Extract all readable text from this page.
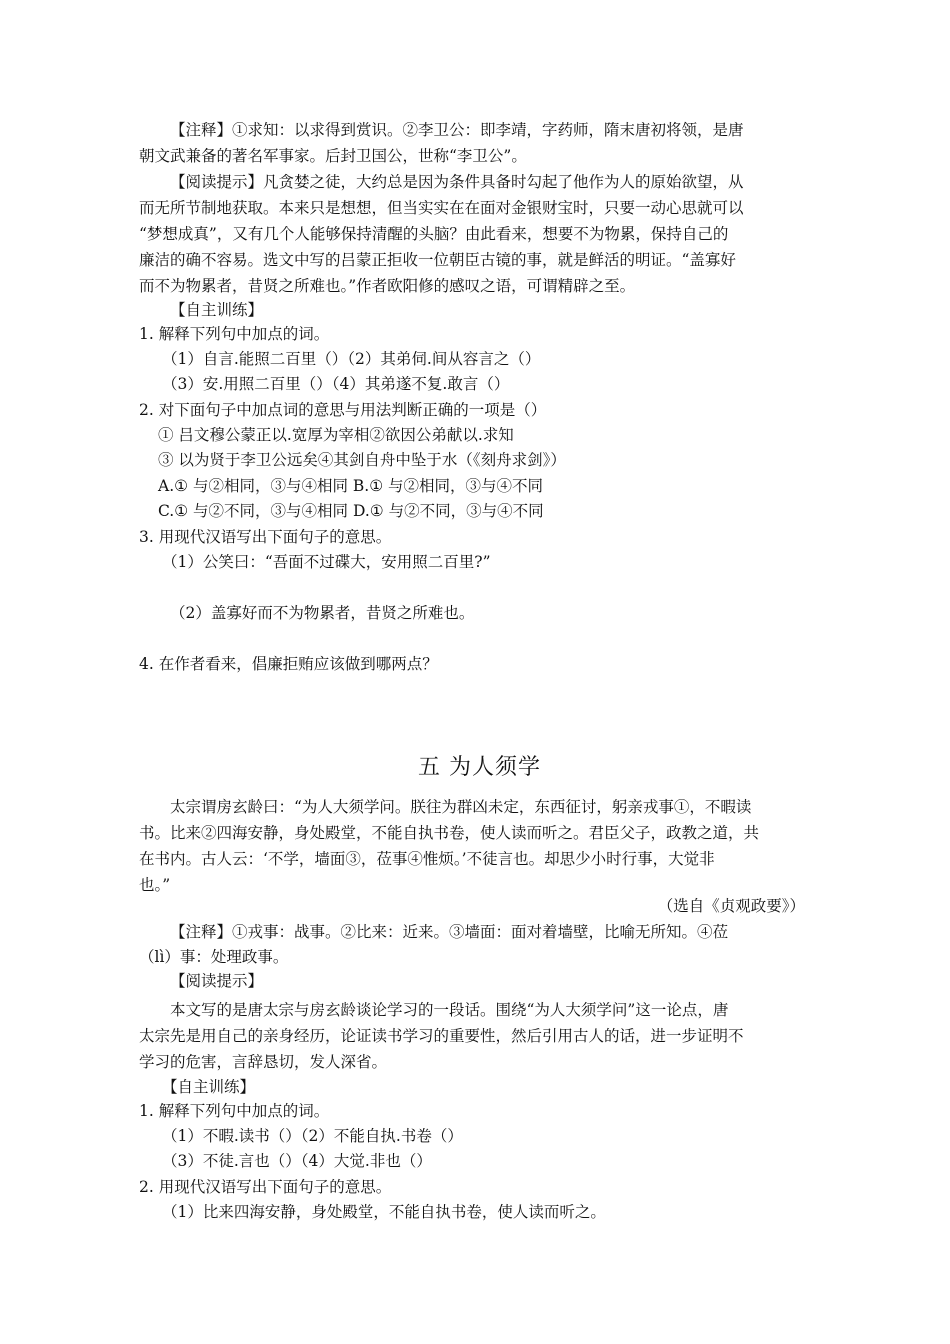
【注释】①求知：以求得到赏识。②李卫公：即李靖，字药师，隋末唐初将领，是唐
朝文武兼备的著名军事家。后封卫国公，世称“李卫公”。
【阅读提示】凡贪婪之徒，大约总是因为条件具备时勾起了他作为人的原始欲望，从
而无所节制地获取。本来只是想想，但当实实在在面对金银财宝时，只要一动心思就可以
“梦想成真”，又有几个人能够保持清醒的头脑？由此看来，想要不为物累，保持自己的
廉洁的确不容易。选文中写的吕蒙正拒收一位朝臣古镜的事，就是鲜活的明证。“盖寡好
而不为物累者，昔贤之所难也。”作者欧阳修的感叹之语，可谓精辟之至。
【自主训练】
1. 解释下列句中加点的词。
（1）自言.能照二百里（）（2）其弟伺.间从容言之（）
（3）安.用照二百里（）（4）其弟遂不复.敢言（）
2. 对下面句子中加点词的意思与用法判断正确的一项是（）
① 吕文穆公蒙正以.宽厚为宰相②欲因公弟献以.求知
③ 以为贤于李卫公远矣④其剑自舟中坠于水（《刻舟求剑》）
A.① 与②相同，③与④相同 B.① 与②相同，③与④不同
C.① 与②不同，③与④相同 D.① 与②不同，③与④不同
3. 用现代汉语写出下面句子的意思。
（1）公笑曰：“吾面不过碟大，安用照二百里?”
（2）盖寡好而不为物累者，昔贤之所难也。
4. 在作者看来，倡廉拒贿应该做到哪两点？
五 为人须学
太宗谓房玄龄曰：“为人大须学问。朕往为群凶未定，东西征讨，躬亲戎事①，不暇读
书。比来②四海安静，身处殿堂，不能自执书卷，使人读而听之。君臣父子，政教之道，共
在书内。古人云：‘不学，墙面③，莅事④惟烦。’不徒言也。却思少小时行事，大觉非
也。”
（选自《贞观政要》）
【注释】①戎事：战事。②比来：近来。③墙面：面对着墙壁，比喻无所知。④莅
（lì）事：处理政事。
【阅读提示】
本文写的是唐太宗与房玄龄谈论学习的一段话。围绕“为人大须学问”这一论点，唐
太宗先是用自己的亲身经历，论证读书学习的重要性，然后引用古人的话，进一步证明不
学习的危害，言辞恳切，发人深省。
【自主训练】
1. 解释下列句中加点的词。
（1）不暇.读书（）（2）不能自执.书卷（）
（3）不徒.言也（）（4）大觉.非也（）
2. 用现代汉语写出下面句子的意思。
（1）比来四海安静，身处殿堂，不能自执书卷，使人读而听之。
